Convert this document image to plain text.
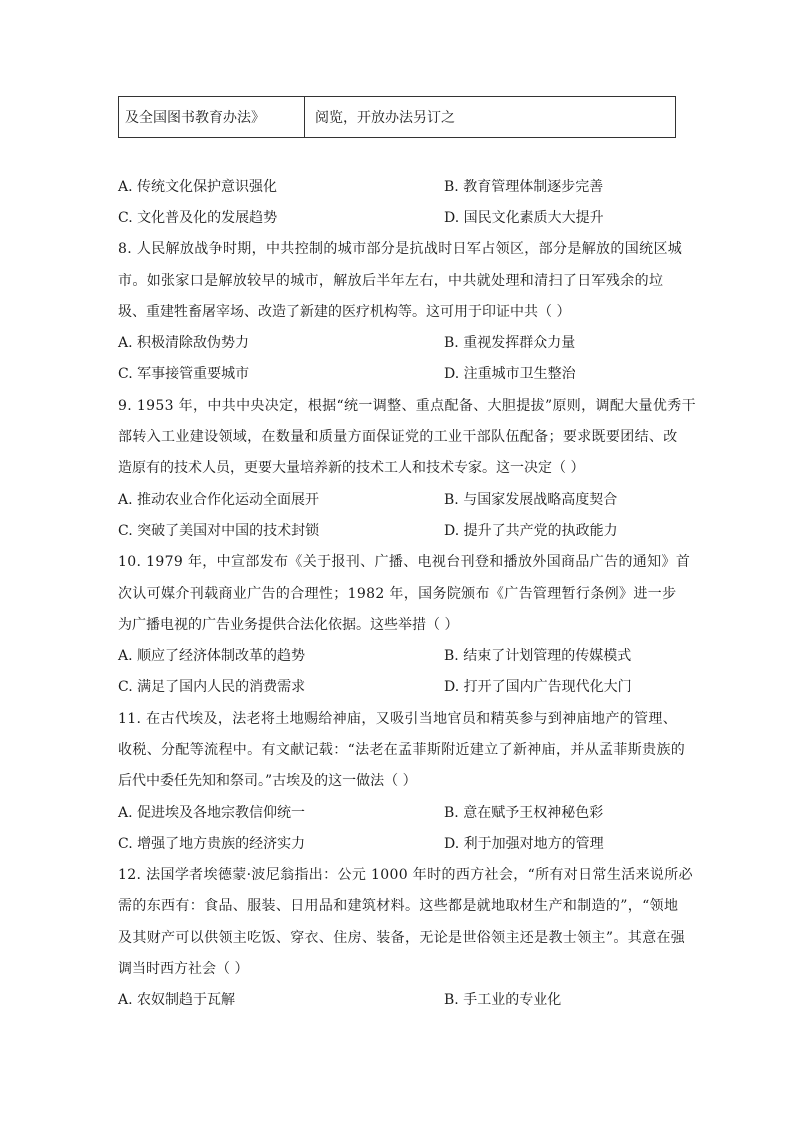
及全国图书教育办法》	阅览，开放办法另订之
A. 传统文化保护意识强化	B. 教育管理体制逐步完善
C. 文化普及化的发展趋势	D. 国民文化素质大大提升
8. 人民解放战争时期，中共控制的城市部分是抗战时日军占领区，部分是解放的国统区城
市。如张家口是解放较早的城市，解放后半年左右，中共就处理和清扫了日军残余的垃
圾、重建牲畜屠宰场、改造了新建的医疗机构等。这可用于印证中共（ ）
A. 积极清除敌伪势力	B. 重视发挥群众力量
C. 军事接管重要城市	D. 注重城市卫生整治
9. 1953 年，中共中央决定，根据“统一调整、重点配备、大胆提拔”原则，调配大量优秀干
部转入工业建设领域，在数量和质量方面保证党的工业干部队伍配备；要求既要团结、改
造原有的技术人员，更要大量培养新的技术工人和技术专家。这一决定（ ）
A. 推动农业合作化运动全面展开	B. 与国家发展战略高度契合
C. 突破了美国对中国的技术封锁	D. 提升了共产党的执政能力
10. 1979 年，中宣部发布《关于报刊、广播、电视台刊登和播放外国商品广告的通知》首
次认可媒介刊载商业广告的合理性；1982 年，国务院颁布《广告管理暂行条例》进一步
为广播电视的广告业务提供合法化依据。这些举措（ ）
A. 顺应了经济体制改革的趋势	B. 结束了计划管理的传媒模式
C. 满足了国内人民的消费需求	D. 打开了国内广告现代化大门
11. 在古代埃及，法老将土地赐给神庙，又吸引当地官员和精英参与到神庙地产的管理、
收税、分配等流程中。有文献记载：“法老在孟菲斯附近建立了新神庙，并从孟菲斯贵族的
后代中委任先知和祭司。”古埃及的这一做法（ ）
A. 促进埃及各地宗教信仰统一	B. 意在赋予王权神秘色彩
C. 增强了地方贵族的经济实力	D. 利于加强对地方的管理
12. 法国学者埃德蒙·波尼翁指出：公元 1000 年时的西方社会，“所有对日常生活来说所必
需的东西有：食品、服装、日用品和建筑材料。这些都是就地取材生产和制造的”，“领地
及其财产可以供领主吃饭、穿衣、住房、装备，无论是世俗领主还是教士领主”。其意在强
调当时西方社会（ ）
A. 农奴制趋于瓦解	B. 手工业的专业化
